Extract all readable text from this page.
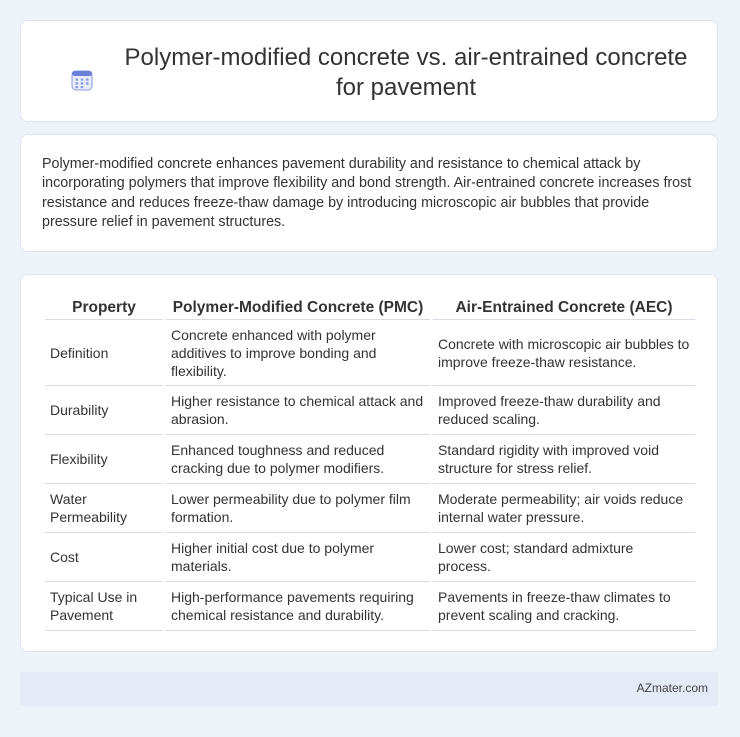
Polymer-modified concrete vs. air-entrained concrete for pavement

Polymer-modified concrete enhances pavement durability and resistance to chemical attack by incorporating polymers that improve flexibility and bond strength. Air-entrained concrete increases frost resistance and reduces freeze-thaw damage by introducing microscopic air bubbles that provide pressure relief in pavement structures.

Property	Polymer-Modified Concrete (PMC)	Air-Entrained Concrete (AEC)
Definition	Concrete enhanced with polymer additives to improve bonding and flexibility.	Concrete with microscopic air bubbles to improve freeze-thaw resistance.
Durability	Higher resistance to chemical attack and abrasion.	Improved freeze-thaw durability and reduced scaling.
Flexibility	Enhanced toughness and reduced cracking due to polymer modifiers.	Standard rigidity with improved void structure for stress relief.
Water Permeability	Lower permeability due to polymer film formation.	Moderate permeability; air voids reduce internal water pressure.
Cost	Higher initial cost due to polymer materials.	Lower cost; standard admixture process.
Typical Use in Pavement	High-performance pavements requiring chemical resistance and durability.	Pavements in freeze-thaw climates to prevent scaling and cracking.
AZmater.com
